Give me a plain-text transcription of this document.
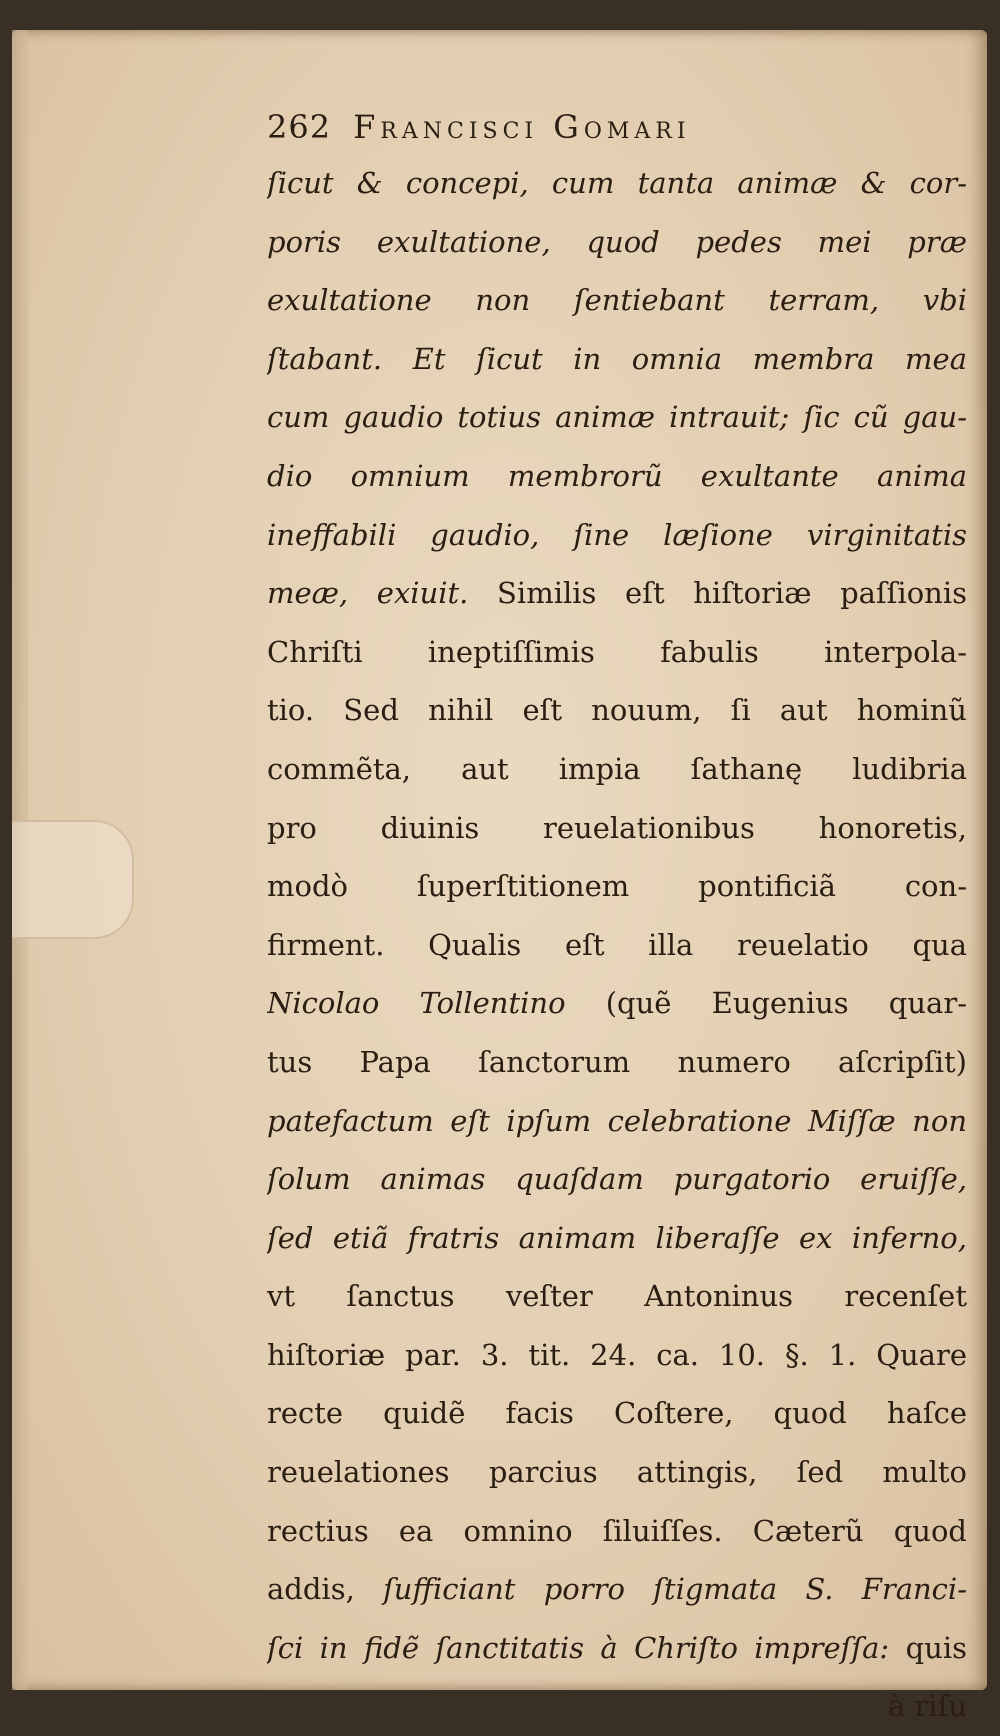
262 Francisci Gomari
ſicut & concepi, cum tanta animæ & cor-
poris exultatione, quod pedes mei præ
exultatione non ſentiebant terram, vbi
ſtabant. Et ſicut in omnia membra mea
cum gaudio totius animæ intrauit; ſic cũ gau-
dio omnium membrorũ exultante anima
ineffabili gaudio, ſine læſione virginitatis
meæ, exiuit. Similis eſt hiſtoriæ paſſionis
Chriſti ineptiſſimis fabulis interpola-
tio. Sed nihil eſt nouum, ſi aut hominũ
commẽta, aut impia ſathanę ludibria
pro diuinis reuelationibus honoretis,
modò ſuperſtitionem pontificiã con-
firment. Qualis eſt illa reuelatio qua
Nicolao Tollentino (quẽ Eugenius quar-
tus Papa ſanctorum numero aſcripſit)
patefactum eſt ipſum celebratione Miſſæ non
ſolum animas quaſdam purgatorio eruiſſe,
ſed etiã fratris animam liberaſſe ex inferno,
vt ſanctus veſter Antoninus recenſet
hiſtoriæ par. 3. tit. 24. ca. 10. §. 1. Quare
recte quidẽ facis Coſtere, quod haſce
reuelationes parcius attingis, ſed multo
rectius ea omnino ſiluiſſes. Cæterũ quod
addis, ſufficiant porro ſtigmata S. Franci-
ſci in fidẽ ſanctitatis à Chriſto impreſſa: quis
à riſu
